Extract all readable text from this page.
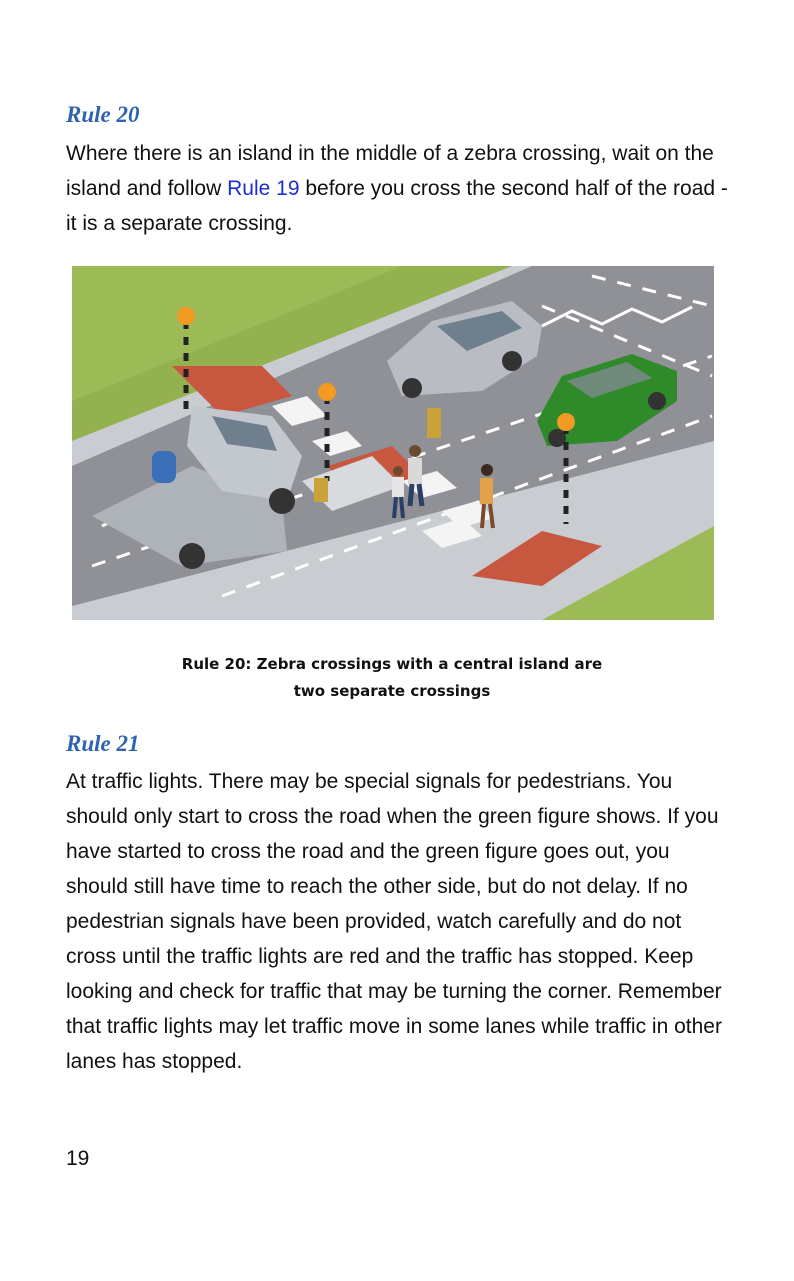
Rule 20

Where there is an island in the middle of a zebra crossing, wait on the island and follow Rule 19 before you cross the second half of the road - it is a separate crossing.

Rule 20: Zebra crossings with a central island are
two separate crossings

Rule 21

At traffic lights. There may be special signals for pedestrians. You should only start to cross the road when the green figure shows. If you have started to cross the road and the green figure goes out, you should still have time to reach the other side, but do not delay. If no pedestrian signals have been provided, watch carefully and do not cross until the traffic lights are red and the traffic has stopped. Keep looking and check for traffic that may be turning the corner. Remember that traffic lights may let traffic move in some lanes while traffic in other lanes has stopped.

19
